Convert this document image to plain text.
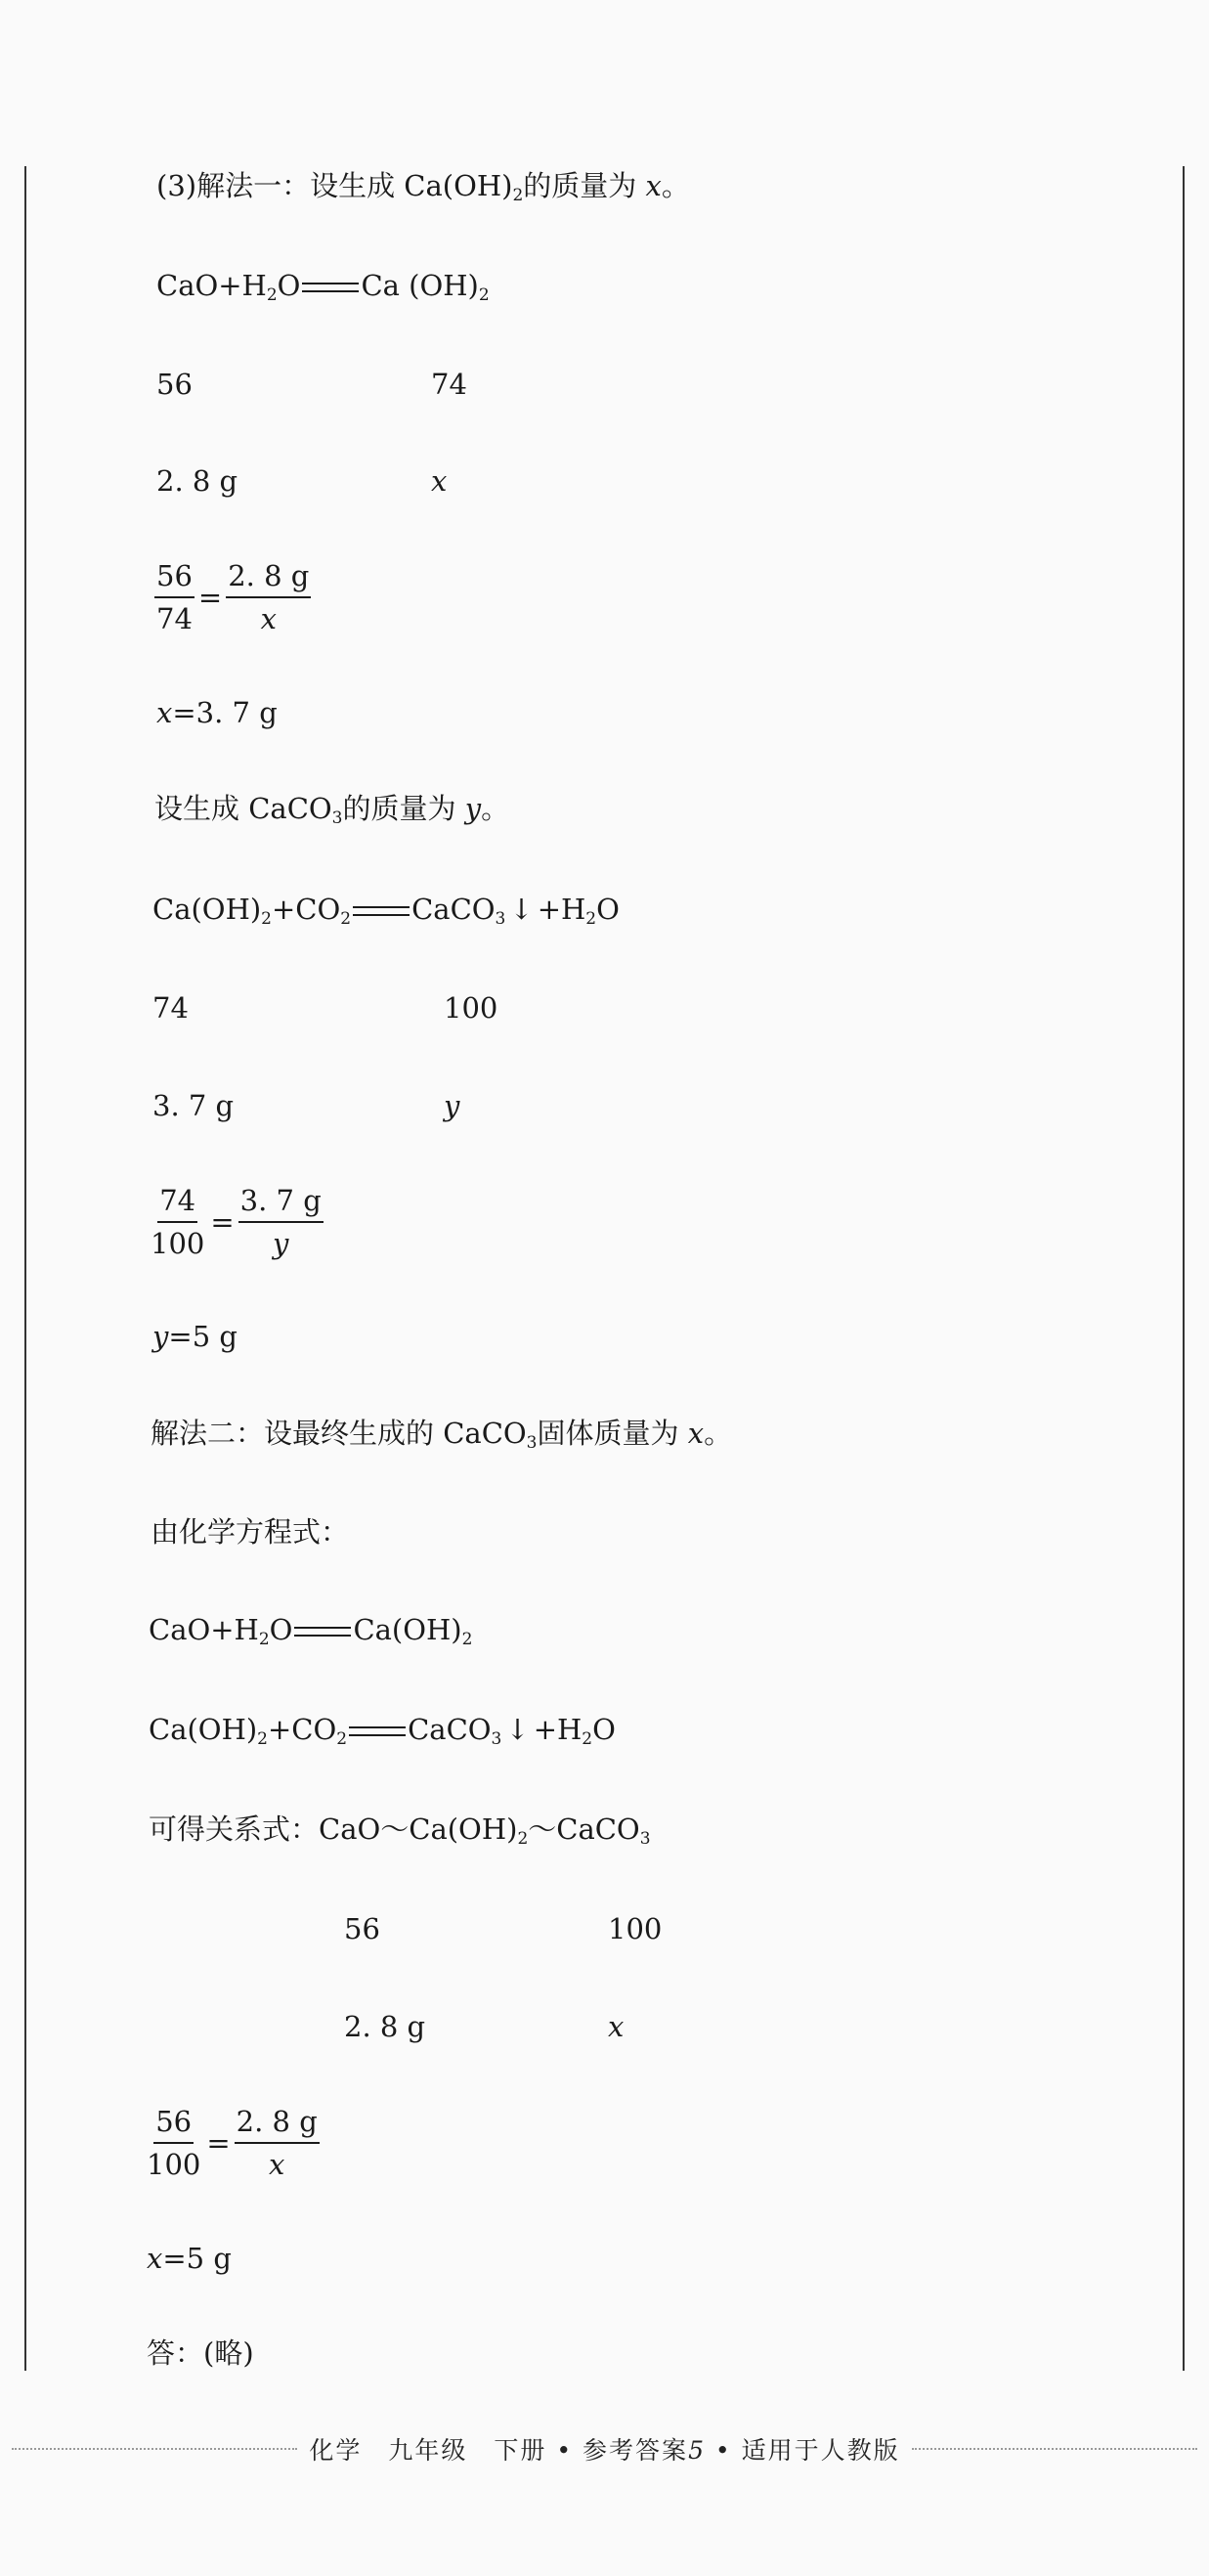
(3)解法一：设生成 $Ca(OH)_2$的质量为 x。
$CaO+H_2O$ Ca $(OH)_2$
56	74
2. 8 g	x
$\frac{56}{74} = \frac{2. 8 g}{x}$
x=3. 7 g
设生成 CaCO$_3$的质量为 y。
$Ca(OH)_2+CO_2$ CaCO$_3$ ↓ $+H_2O$
74	100
3. 7 g	y
$\frac{74}{100} = \frac{3. 7 g}{y}$
y=5 g
解法二：设最终生成的 CaCO$_3$固体质量为 x。
由化学方程式：
$CaO+H_2O$ $Ca(OH)_2$
$Ca(OH)_2+CO_2$ CaCO$_3$ ↓ $+H_2O$
可得关系式：$CaO\sim Ca(OH)_2\sim CaCO_3$
56	100
2. 8 g	x
$\frac{56}{100} = \frac{2. 8 g}{x}$
x=5 g
答：(略)
化学　九年级　下册 • 参考答案5 • 适用于人教版
